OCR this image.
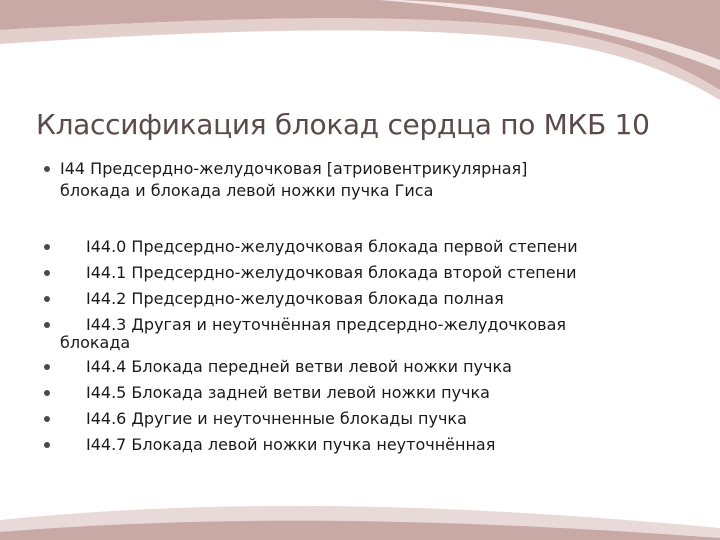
Классификация блокад сердца по МКБ 10
I44 Предсердно-желудочковая [атриовентрикулярная]
блокада и блокада левой ножки пучка Гиса
I44.0 Предсердно-желудочковая блокада первой степени
I44.1 Предсердно-желудочковая блокада второй степени
I44.2 Предсердно-желудочковая блокада полная
I44.3 Другая и неуточнённая предсердно-желудочковая
блокада
I44.4 Блокада передней ветви левой ножки пучка
I44.5 Блокада задней ветви левой ножки пучка
I44.6 Другие и неуточненные блокады пучка
I44.7 Блокада левой ножки пучка неуточнённая
